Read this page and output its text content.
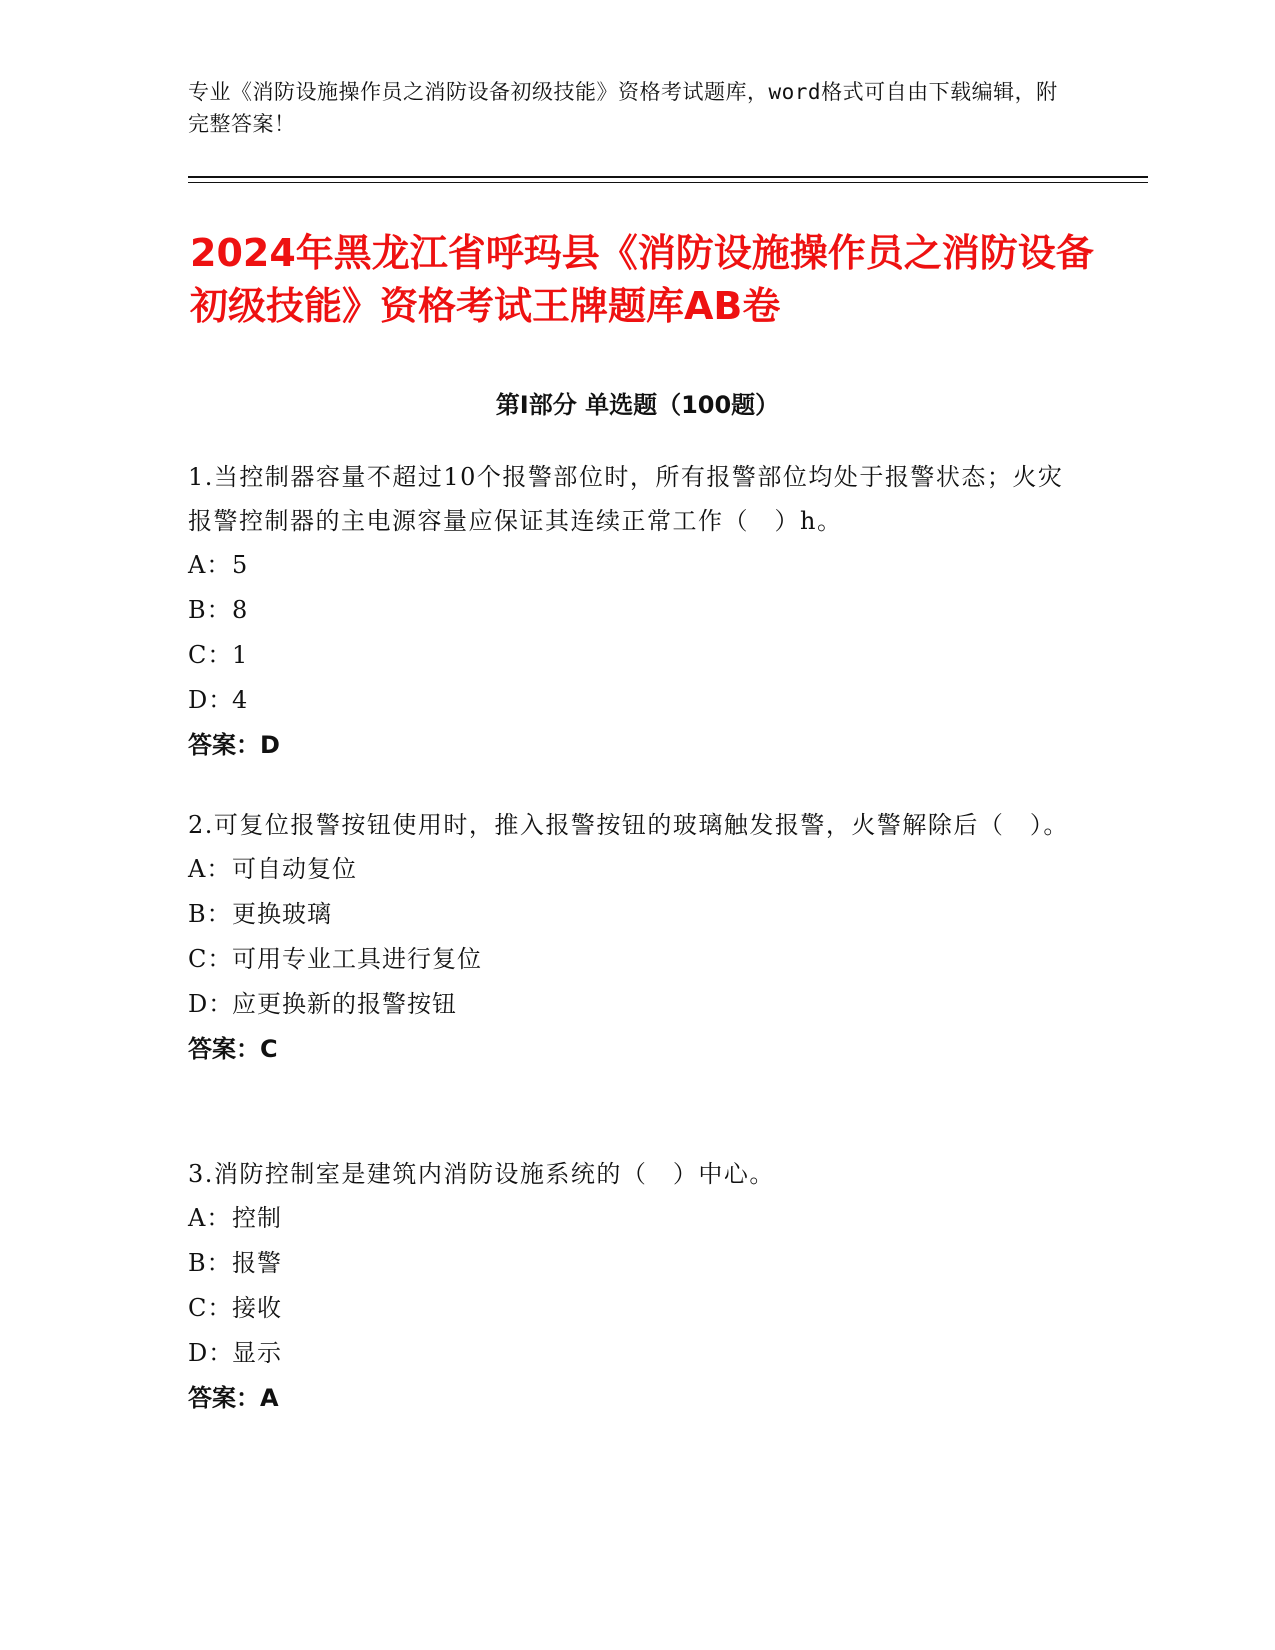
专业《消防设施操作员之消防设备初级技能》资格考试题库，word格式可自由下载编辑，附完整答案！
2024年黑龙江省呼玛县《消防设施操作员之消防设备初级技能》资格考试王牌题库AB卷
第I部分 单选题（100题）

1.当控制器容量不超过10个报警部位时，所有报警部位均处于报警状态；火灾报警控制器的主电源容量应保证其连续正常工作（　）h。

A：5

B：8

C：1

D：4

答案：D

2.可复位报警按钮使用时，推入报警按钮的玻璃触发报警，火警解除后（　）。

A：可自动复位

B：更换玻璃

C：可用专业工具进行复位

D：应更换新的报警按钮

答案：C

3.消防控制室是建筑内消防设施系统的（　）中心。

A：控制

B：报警

C：接收

D：显示

答案：A
